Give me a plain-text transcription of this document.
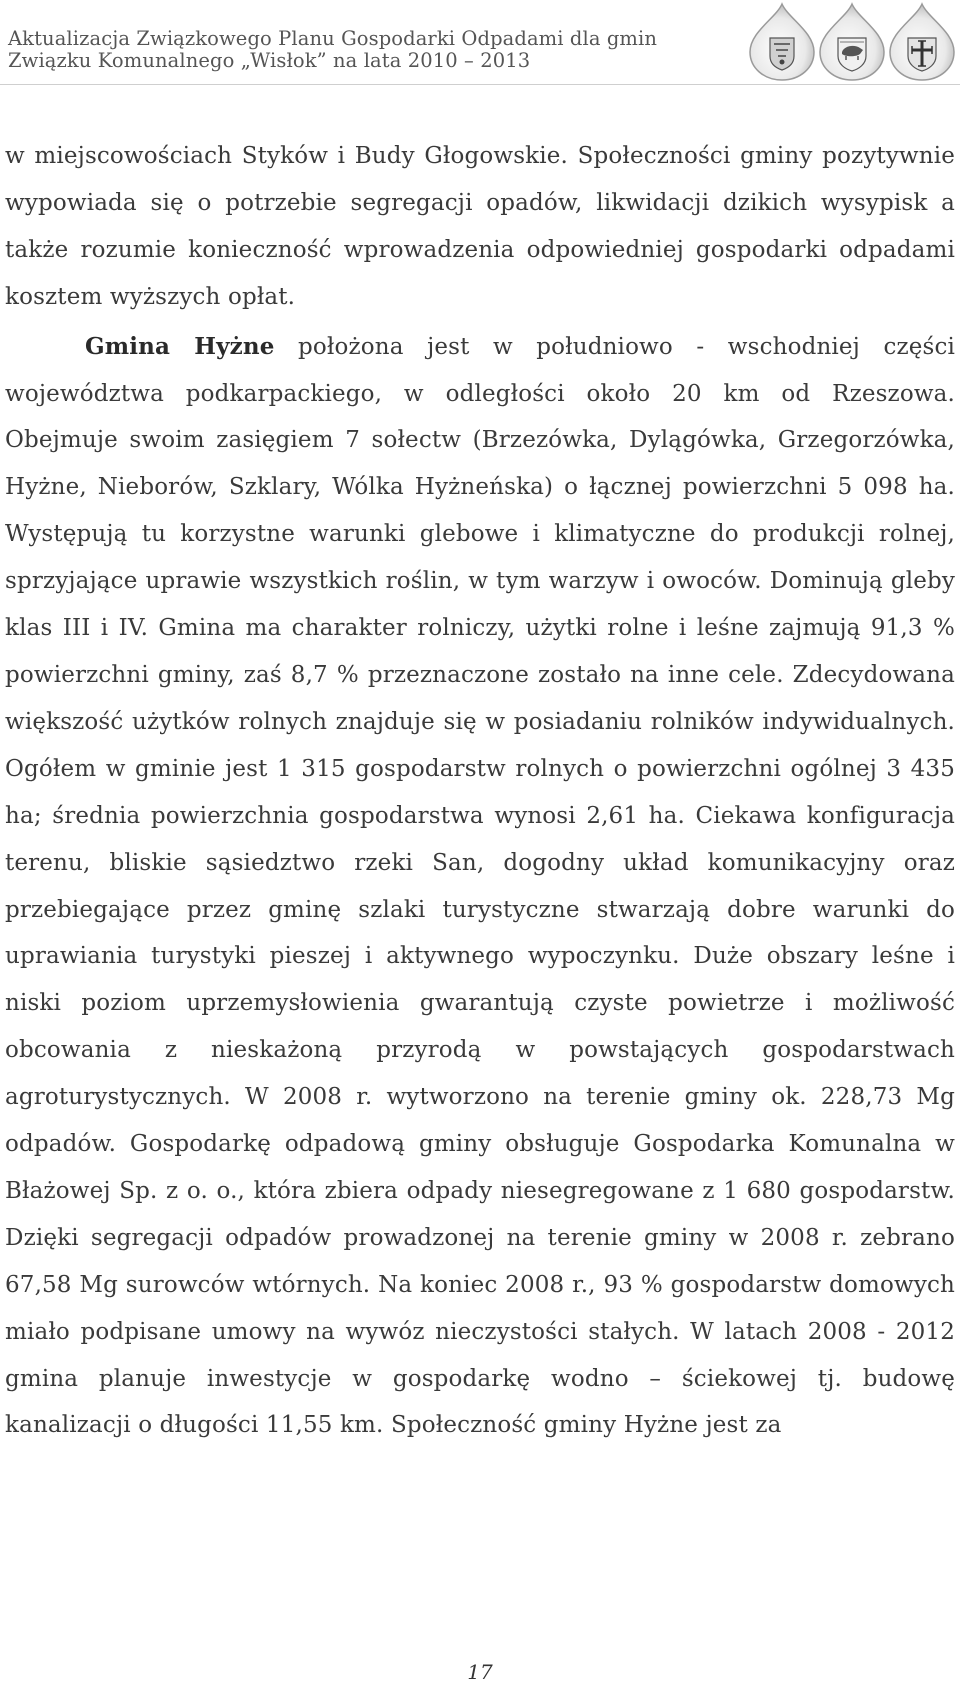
Aktualizacja Związkowego Planu Gospodarki Odpadami dla gmin
Związku Komunalnego „Wisłok” na lata 2010 – 2013

w miejscowościach Styków i Budy Głogowskie. Społeczności gminy pozytywnie wypowiada się o potrzebie segregacji opadów, likwidacji dzikich wysypisk a także rozumie konieczność wprowadzenia odpowiedniej gospodarki odpadami kosztem wyższych opłat.

Gmina Hyżne położona jest w południowo - wschodniej części województwa podkarpackiego, w odległości około 20 km od Rzeszowa. Obejmuje swoim zasięgiem 7 sołectw (Brzezówka, Dylągówka, Grzegorzówka, Hyżne, Nieborów, Szklary, Wólka Hyżneńska) o łącznej powierzchni 5 098 ha. Występują tu korzystne warunki glebowe i klimatyczne do produkcji rolnej, sprzyjające uprawie wszystkich roślin, w tym warzyw i owoców. Dominują gleby klas III i IV. Gmina ma charakter rolniczy, użytki rolne i leśne zajmują 91,3 % powierzchni gminy, zaś 8,7 % przeznaczone zostało na inne cele. Zdecydowana większość użytków rolnych znajduje się w posiadaniu rolników indywidualnych. Ogółem w gminie jest 1 315 gospodarstw rolnych o powierzchni ogólnej 3 435 ha; średnia powierzchnia gospodarstwa wynosi 2,61 ha. Ciekawa konfiguracja terenu, bliskie sąsiedztwo rzeki San, dogodny układ komunikacyjny oraz przebiegające przez gminę szlaki turystyczne stwarzają dobre warunki do uprawiania turystyki pieszej i aktywnego wypoczynku. Duże obszary leśne i niski poziom uprzemysłowienia gwarantują czyste powietrze i możliwość obcowania z nieskażoną przyrodą w powstających gospodarstwach agroturystycznych. W 2008 r. wytworzono na terenie gminy ok. 228,73 Mg odpadów. Gospodarkę odpadową gminy obsługuje Gospodarka Komunalna w Błażowej Sp. z o. o., która zbiera odpady niesegregowane z 1 680 gospodarstw. Dzięki segregacji odpadów prowadzonej na terenie gminy w 2008 r. zebrano 67,58 Mg surowców wtórnych. Na koniec 2008 r., 93 % gospodarstw domowych miało podpisane umowy na wywóz nieczystości stałych. W latach 2008 - 2012 gmina planuje inwestycje w gospodarkę wodno – ściekowej tj. budowę kanalizacji o długości 11,55 km. Społeczność gminy Hyżne jest za

17
